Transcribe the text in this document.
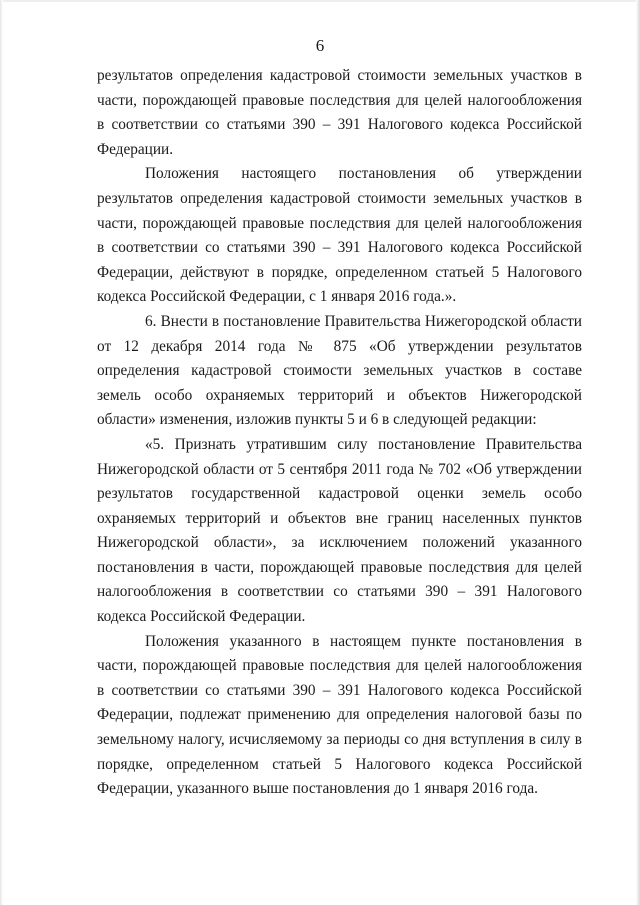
6

результатов определения кадастровой стоимости земельных участков в части, порождающей правовые последствия для целей налогообложения в соответствии со статьями 390 – 391 Налогового кодекса Российской Федерации.

Положения настоящего постановления об утверждении результатов определения кадастровой стоимости земельных участков в части, порождающей правовые последствия для целей налогообложения в соответствии со статьями 390 – 391 Налогового кодекса Российской Федерации, действуют в порядке, определенном статьей 5 Налогового кодекса Российской Федерации, с 1 января 2016 года.».

6. Внести в постановление Правительства Нижегородской области от 12 декабря 2014 года № 875 «Об утверждении результатов определения кадастровой стоимости земельных участков в составе земель особо охраняемых территорий и объектов Нижегородской области» изменения, изложив пункты 5 и 6 в следующей редакции:

«5. Признать утратившим силу постановление Правительства Нижегородской области от 5 сентября 2011 года № 702 «Об утверждении результатов государственной кадастровой оценки земель особо охраняемых территорий и объектов вне границ населенных пунктов Нижегородской области», за исключением положений указанного постановления в части, порождающей правовые последствия для целей налогообложения в соответствии со статьями 390 – 391 Налогового кодекса Российской Федерации.

Положения указанного в настоящем пункте постановления в части, порождающей правовые последствия для целей налогообложения в соответствии со статьями 390 – 391 Налогового кодекса Российской Федерации, подлежат применению для определения налоговой базы по земельному налогу, исчисляемому за периоды со дня вступления в силу в порядке, определенном статьей 5 Налогового кодекса Российской Федерации, указанного выше постановления до 1 января 2016 года.
